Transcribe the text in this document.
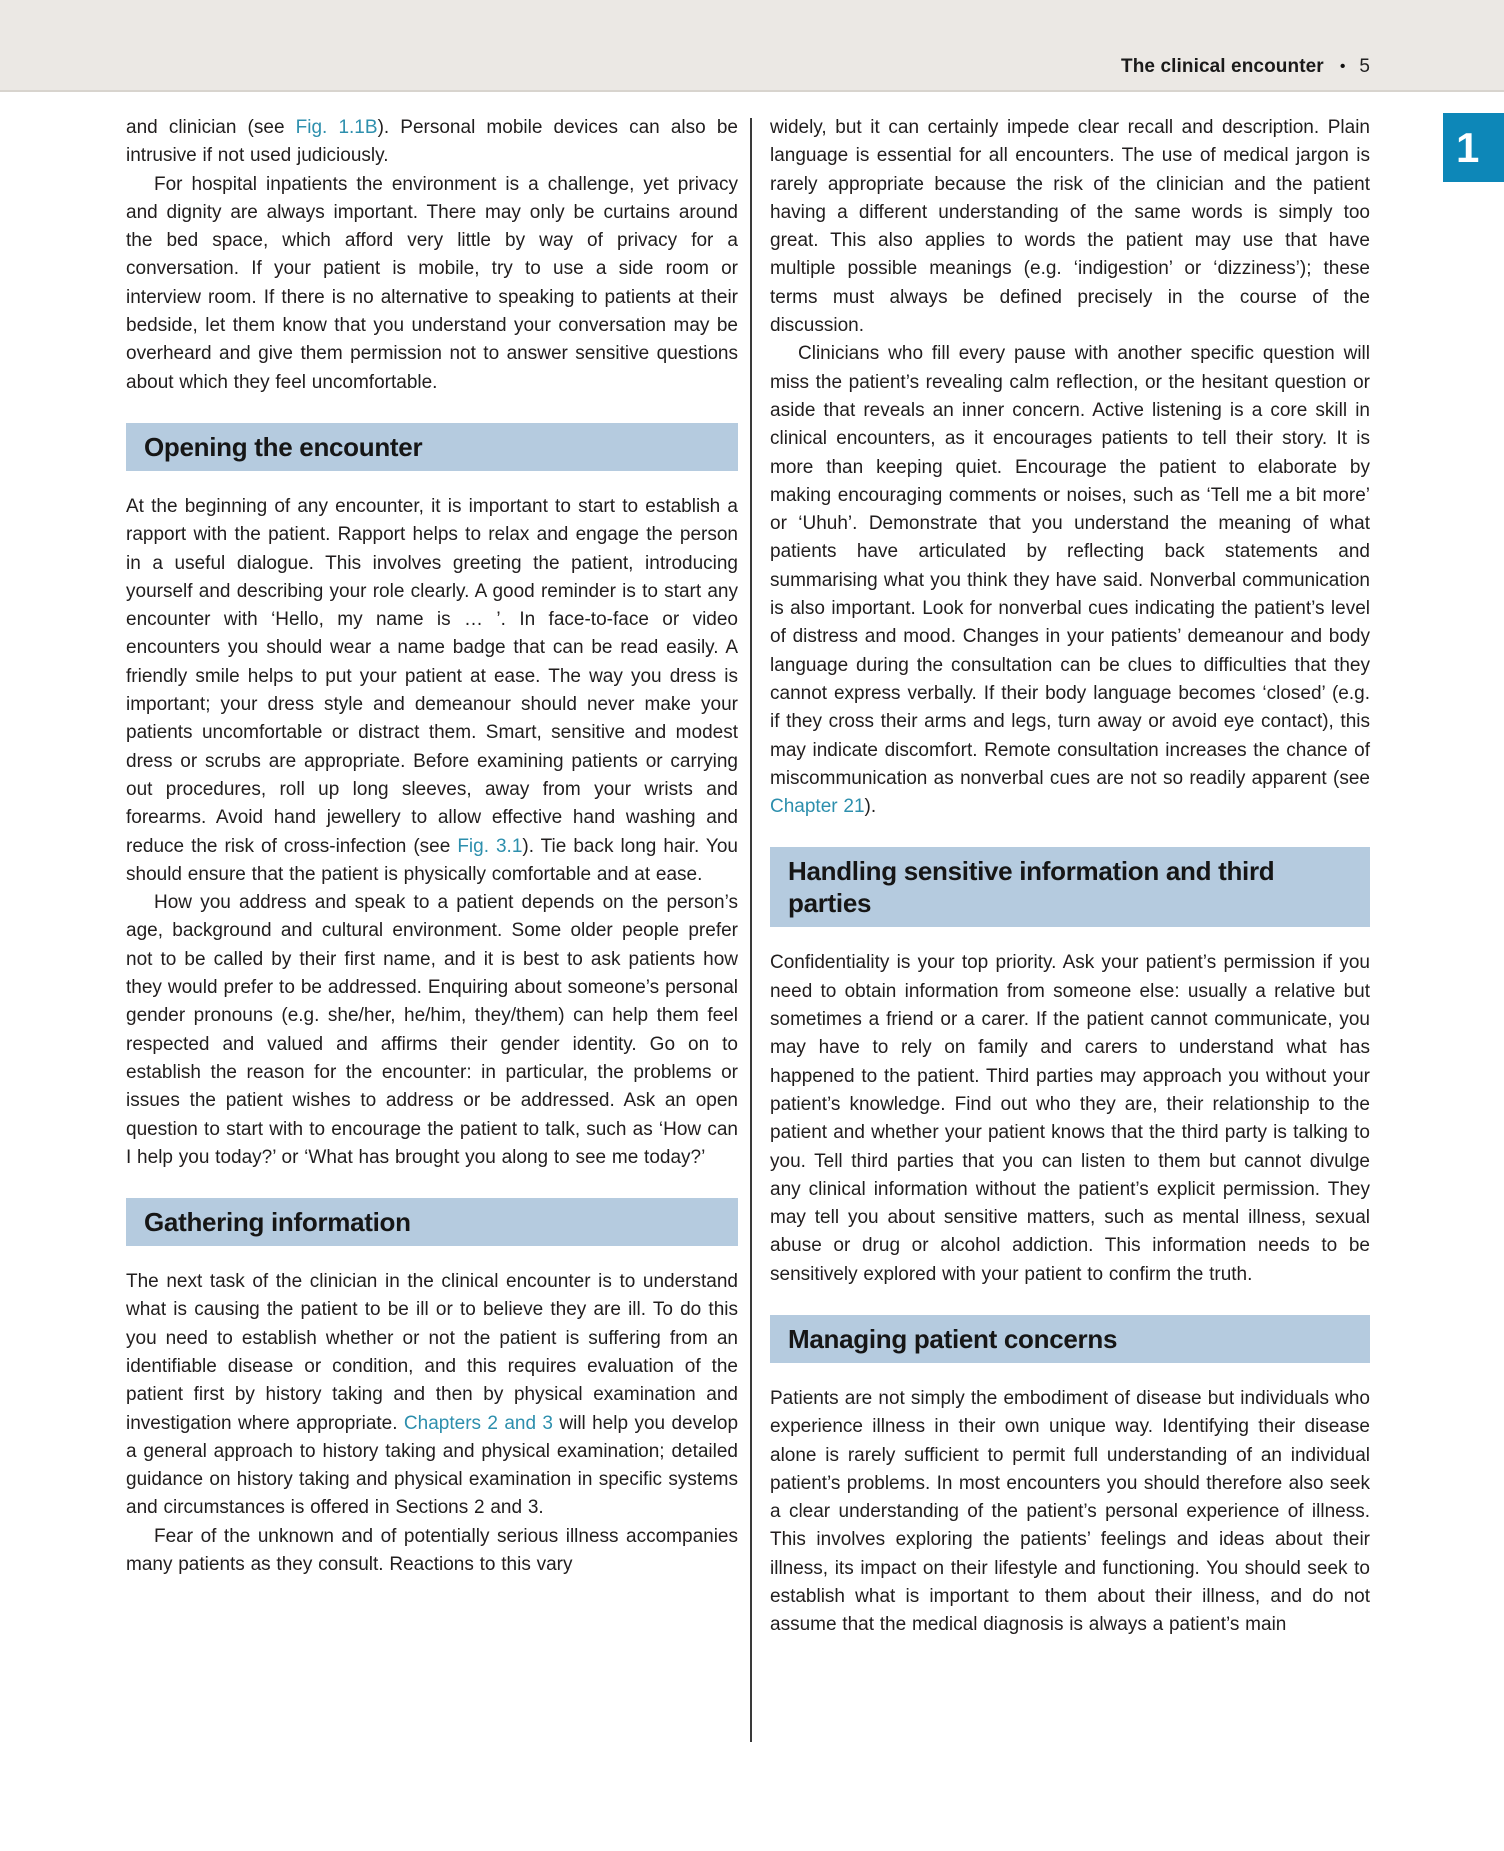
The clinical encounter • 5
1

and clinician (see Fig. 1.1B). Personal mobile devices can also be intrusive if not used judiciously.

For hospital inpatients the environment is a challenge, yet privacy and dignity are always important. There may only be curtains around the bed space, which afford very little by way of privacy for a conversation. If your patient is mobile, try to use a side room or interview room. If there is no alternative to speaking to patients at their bedside, let them know that you understand your conversation may be overheard and give them permission not to answer sensitive questions about which they feel uncomfortable.

Opening the encounter

At the beginning of any encounter, it is important to start to establish a rapport with the patient. Rapport helps to relax and engage the person in a useful dialogue. This involves greeting the patient, introducing yourself and describing your role clearly. A good reminder is to start any encounter with ‘Hello, my name is … ’. In face-to-face or video encounters you should wear a name badge that can be read easily. A friendly smile helps to put your patient at ease. The way you dress is important; your dress style and demeanour should never make your patients uncomfortable or distract them. Smart, sensitive and modest dress or scrubs are appropriate. Before examining patients or carrying out procedures, roll up long sleeves, away from your wrists and forearms. Avoid hand jewellery to allow effective hand washing and reduce the risk of cross-infection (see Fig. 3.1). Tie back long hair. You should ensure that the patient is physically comfortable and at ease.

How you address and speak to a patient depends on the person’s age, background and cultural environment. Some older people prefer not to be called by their first name, and it is best to ask patients how they would prefer to be addressed. Enquiring about someone’s personal gender pronouns (e.g. she/her, he/him, they/them) can help them feel respected and valued and affirms their gender identity. Go on to establish the reason for the encounter: in particular, the problems or issues the patient wishes to address or be addressed. Ask an open question to start with to encourage the patient to talk, such as ‘How can I help you today?’ or ‘What has brought you along to see me today?’

Gathering information

The next task of the clinician in the clinical encounter is to understand what is causing the patient to be ill or to believe they are ill. To do this you need to establish whether or not the patient is suffering from an identifiable disease or condition, and this requires evaluation of the patient first by history taking and then by physical examination and investigation where appropriate. Chapters 2 and 3 will help you develop a general approach to history taking and physical examination; detailed guidance on history taking and physical examination in specific systems and circumstances is offered in Sections 2 and 3.

Fear of the unknown and of potentially serious illness accompanies many patients as they consult. Reactions to this vary

widely, but it can certainly impede clear recall and description. Plain language is essential for all encounters. The use of medical jargon is rarely appropriate because the risk of the clinician and the patient having a different understanding of the same words is simply too great. This also applies to words the patient may use that have multiple possible meanings (e.g. ‘indigestion’ or ‘dizziness’); these terms must always be defined precisely in the course of the discussion.

Clinicians who fill every pause with another specific question will miss the patient’s revealing calm reflection, or the hesitant question or aside that reveals an inner concern. Active listening is a core skill in clinical encounters, as it encourages patients to tell their story. It is more than keeping quiet. Encourage the patient to elaborate by making encouraging comments or noises, such as ‘Tell me a bit more’ or ‘Uhuh’. Demonstrate that you understand the meaning of what patients have articulated by reflecting back statements and summarising what you think they have said. Nonverbal communication is also important. Look for nonverbal cues indicating the patient’s level of distress and mood. Changes in your patients’ demeanour and body language during the consultation can be clues to difficulties that they cannot express verbally. If their body language becomes ‘closed’ (e.g. if they cross their arms and legs, turn away or avoid eye contact), this may indicate discomfort. Remote consultation increases the chance of miscommunication as nonverbal cues are not so readily apparent (see Chapter 21).

Handling sensitive information and third parties

Confidentiality is your top priority. Ask your patient’s permission if you need to obtain information from someone else: usually a relative but sometimes a friend or a carer. If the patient cannot communicate, you may have to rely on family and carers to understand what has happened to the patient. Third parties may approach you without your patient’s knowledge. Find out who they are, their relationship to the patient and whether your patient knows that the third party is talking to you. Tell third parties that you can listen to them but cannot divulge any clinical information without the patient’s explicit permission. They may tell you about sensitive matters, such as mental illness, sexual abuse or drug or alcohol addiction. This information needs to be sensitively explored with your patient to confirm the truth.

Managing patient concerns

Patients are not simply the embodiment of disease but individuals who experience illness in their own unique way. Identifying their disease alone is rarely sufficient to permit full understanding of an individual patient’s problems. In most encounters you should therefore also seek a clear understanding of the patient’s personal experience of illness. This involves exploring the patients’ feelings and ideas about their illness, its impact on their lifestyle and functioning. You should seek to establish what is important to them about their illness, and do not assume that the medical diagnosis is always a patient’s main
